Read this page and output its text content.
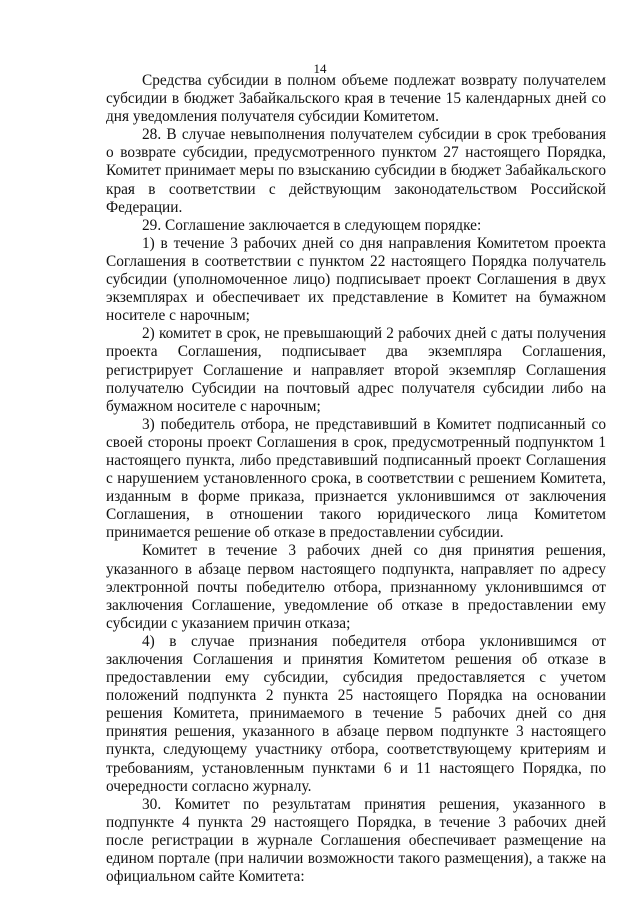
14

Средства субсидии в полном объеме подлежат возврату получателем субсидии в бюджет Забайкальского края в течение 15 календарных дней со дня уведомления получателя субсидии Комитетом.

28. В случае невыполнения получателем субсидии в срок требования о возврате субсидии, предусмотренного пунктом 27 настоящего Порядка, Комитет принимает меры по взысканию субсидии в бюджет Забайкальского края в соответствии с действующим законодательством Российской Федерации.

29. Соглашение заключается в следующем порядке:

1) в течение 3 рабочих дней со дня направления Комитетом проекта Соглашения в соответствии с пунктом 22 настоящего Порядка получатель субсидии (уполномоченное лицо) подписывает проект Соглашения в двух экземплярах и обеспечивает их представление в Комитет на бумажном носителе с нарочным;

2) комитет в срок, не превышающий 2 рабочих дней с даты получения проекта Соглашения, подписывает два экземпляра Соглашения, регистрирует Соглашение и направляет второй экземпляр Соглашения получателю Субсидии на почтовый адрес получателя субсидии либо на бумажном носителе с нарочным;

3) победитель отбора, не представивший в Комитет подписанный со своей стороны проект Соглашения в срок, предусмотренный подпунктом 1 настоящего пункта, либо представивший подписанный проект Соглашения с нарушением установленного срока, в соответствии с решением Комитета, изданным в форме приказа, признается уклонившимся от заключения Соглашения, в отношении такого юридического лица Комитетом принимается решение об отказе в предоставлении субсидии.

Комитет в течение 3 рабочих дней со дня принятия решения, указанного в абзаце первом настоящего подпункта, направляет по адресу электронной почты победителю отбора, признанному уклонившимся от заключения Соглашение, уведомление об отказе в предоставлении ему субсидии с указанием причин отказа;

4) в случае признания победителя отбора уклонившимся от заключения Соглашения и принятия Комитетом решения об отказе в предоставлении ему субсидии, субсидия предоставляется с учетом положений подпункта 2 пункта 25 настоящего Порядка на основании решения Комитета, принимаемого в течение 5 рабочих дней со дня принятия решения, указанного в абзаце первом подпункте 3 настоящего пункта, следующему участнику отбора, соответствующему критериям и требованиям, установленным пунктами 6 и 11 настоящего Порядка, по очередности согласно журналу.

30. Комитет по результатам принятия решения, указанного в подпункте 4 пункта 29 настоящего Порядка, в течение 3 рабочих дней после регистрации в журнале Соглашения обеспечивает размещение на едином портале (при наличии возможности такого размещения), а также на официальном сайте Комитета:
